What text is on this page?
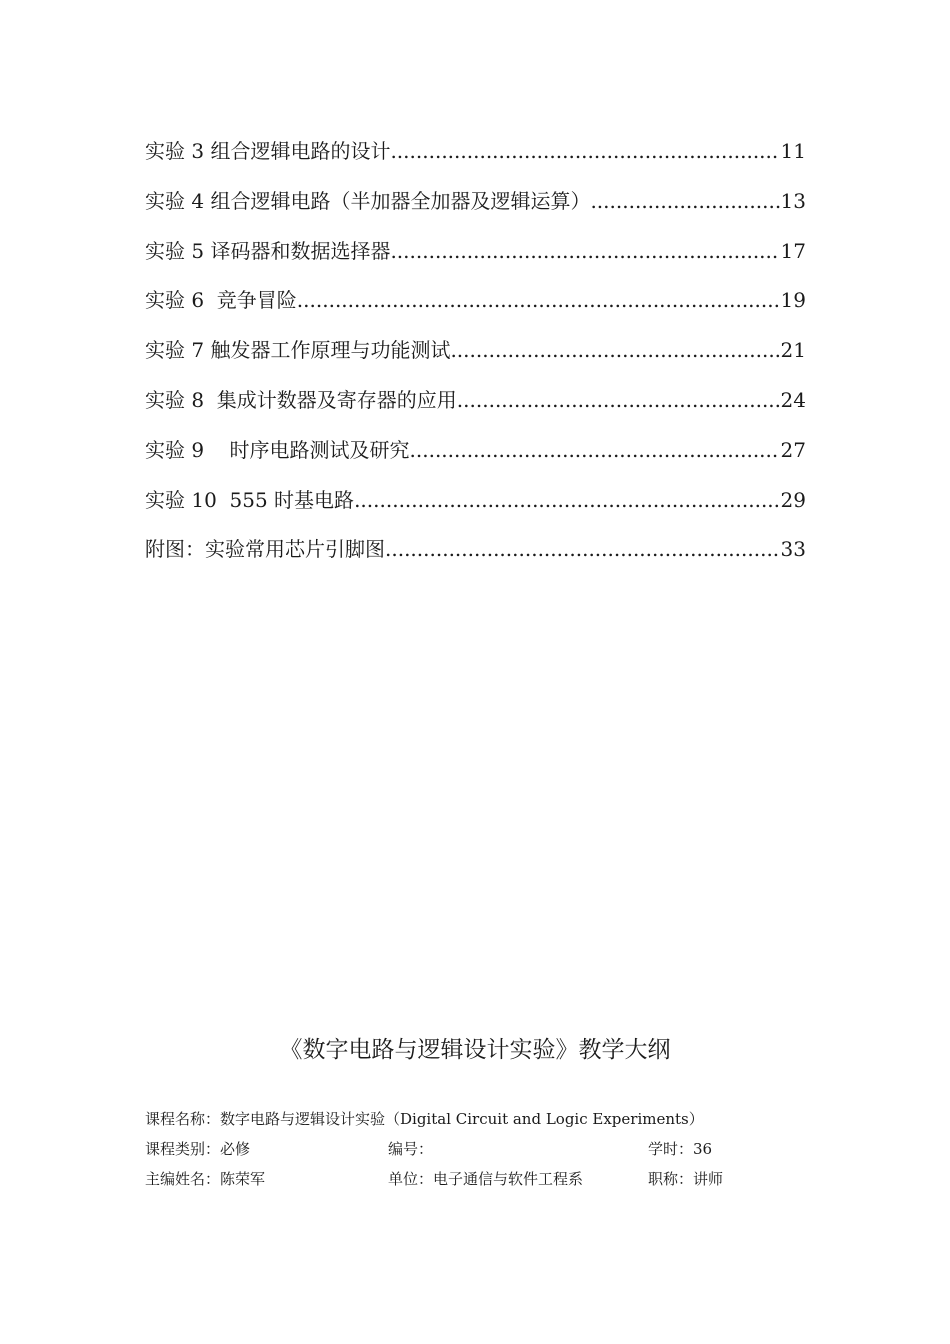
实验 3 组合逻辑电路的设计 .....	11
实验 4 组合逻辑电路（半加器全加器及逻辑运算） .....	13
实验 5 译码器和数据选择器 .....	17
实验 6  竞争冒险 .....	19
实验 7 触发器工作原理与功能测试 .....	21
实验 8  集成计数器及寄存器的应用 .....	24
实验 9    时序电路测试及研究 .....	27
实验 10  555 时基电路 .....	29
附图：实验常用芯片引脚图 .....	33
《数字电路与逻辑设计实验》教学大纲
课程名称：数字电路与逻辑设计实验（Digital Circuit and Logic Experiments）
课程类别：必修	编号：	学时：36
主编姓名：陈荣军	单位：电子通信与软件工程系	职称：讲师
